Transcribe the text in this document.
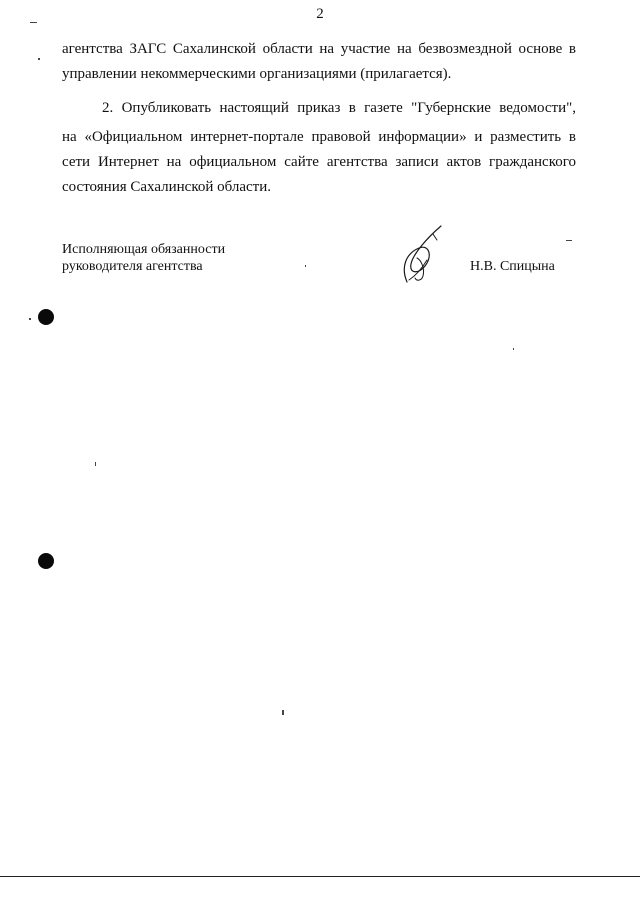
2
агентства ЗАГС Сахалинской области на участие на безвозмездной основе в
управлении некоммерческими организациями (прилагается).
2. Опубликовать настоящий приказ в газете "Губернские ведомости",
на «Официальном интернет-портале правовой информации» и разместить в
сети Интернет на официальном сайте агентства записи актов гражданского
состояния Сахалинской области.
Исполняющая обязанности
руководителя агентства	Н.В. Спицына
